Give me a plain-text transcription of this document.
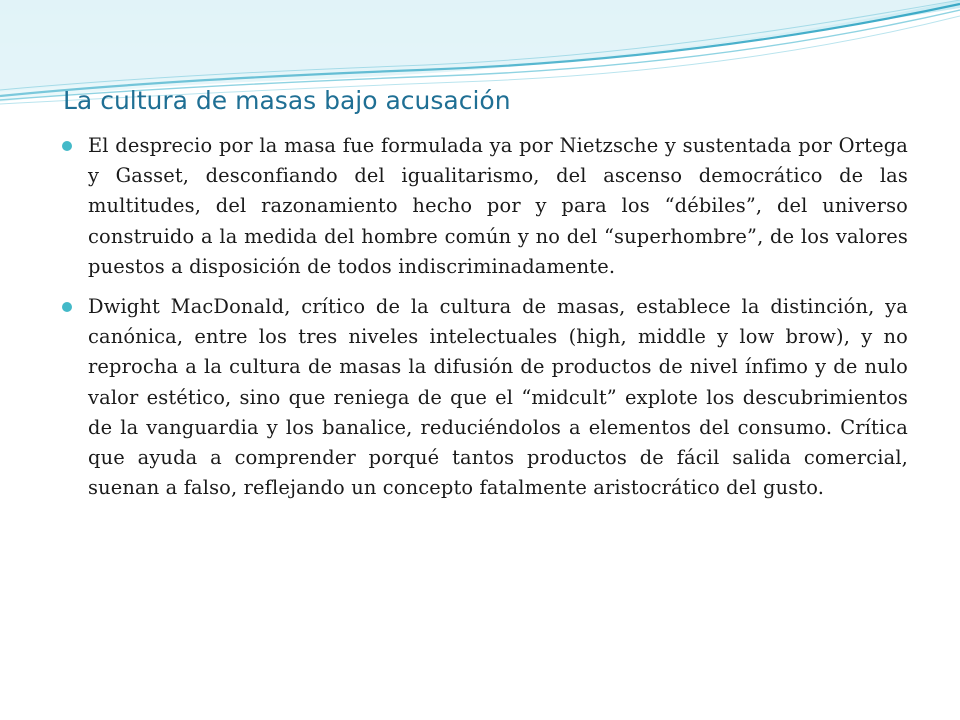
La cultura de masas bajo acusación
El desprecio por la masa fue formulada ya por Nietzsche y sustentada por Ortega y Gasset, desconfiando del igualitarismo, del ascenso democrático de las multitudes, del razonamiento hecho por y para los “débiles”, del universo construido a la medida del hombre común y no del “superhombre”, de los valores puestos a disposición de todos indiscriminadamente.
Dwight MacDonald, crítico de la cultura de masas, establece la distinción, ya canónica, entre los tres niveles intelectuales (high, middle y low brow), y no reprocha a la cultura de masas la difusión de productos de nivel ínfimo y de nulo valor estético, sino que reniega de que el “midcult” explote los descubrimientos de la vanguardia y los banalice, reduciéndolos a elementos del consumo. Crítica que ayuda a comprender porqué tantos productos de fácil salida comercial, suenan a falso, reflejando un concepto fatalmente aristocrático del gusto.
